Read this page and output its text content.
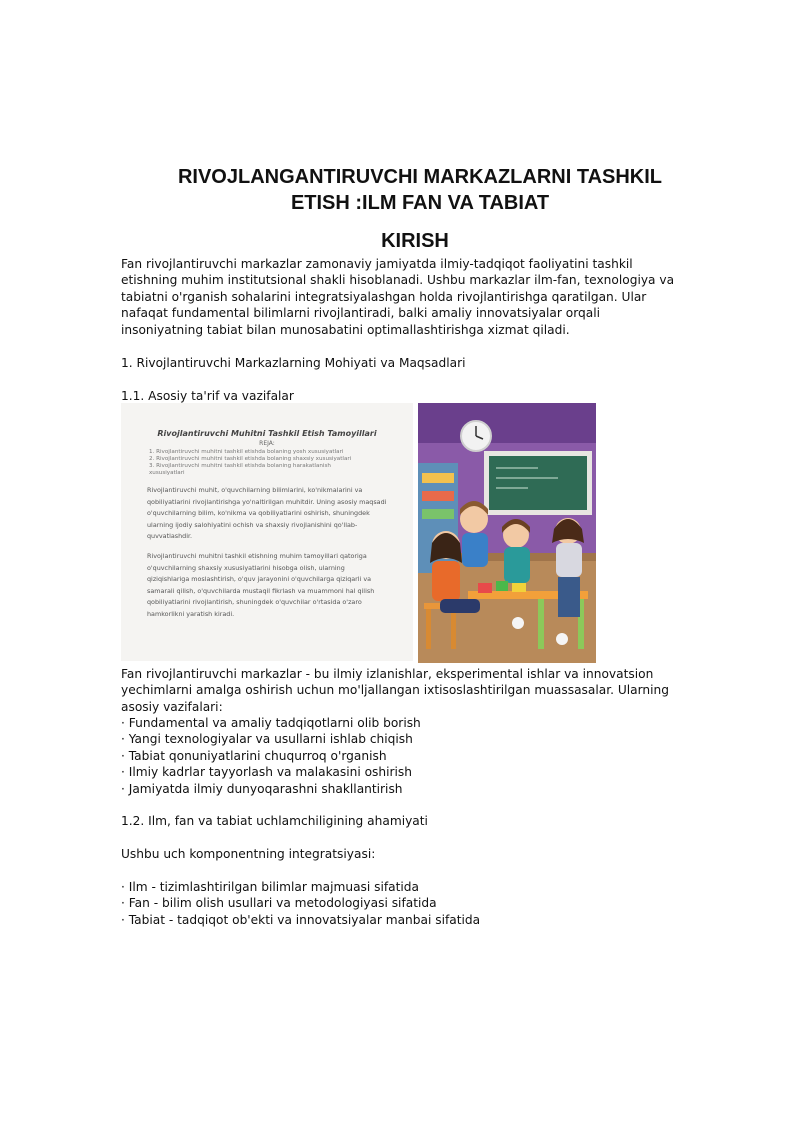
RIVOJLANGANTIRUVCHI MARKAZLARNI TASHKIL
ETISH :ILM FAN VA TABIAT
KIRISH

Fan rivojlantiruvchi markazlar zamonaviy jamiyatda ilmiy-tadqiqot faoliyatini tashkil etishning muhim institutsional shakli hisoblanadi. Ushbu markazlar ilm-fan, texnologiya va tabiatni o'rganish sohalarini integratsiyalashgan holda rivojlantirishga qaratilgan. Ular nafaqat fundamental bilimlarni rivojlantiradi, balki amaliy innovatsiyalar orqali insoniyatning tabiat bilan munosabatini optimallashtirishga xizmat qiladi.

1. Rivojlantiruvchi Markazlarning Mohiyati va Maqsadlari

1.1. Asosiy ta'rif va vazifalar

Rivojlantiruvchi Muhitni Tashkil Etish Tamoyillari

REJA:

1. Rivojlantiruvchi muhitni tashkil etishda bolaning yosh xususiyatlari
2. Rivojlantiruvchi muhitni tashkil etishda bolaning shaxsiy xususiyatlari
3. Rivojlantiruvchi muhitni tashkil etishda bolaning harakatlanish
xususiyatlari

Rivojlantiruvchi muhit, o'quvchilarning bilimlarini, ko'nikmalarini va qobiliyatlarini rivojlantirishga yo'naltirilgan muhitdir. Uning asosiy maqsadi o'quvchilarning bilim, ko'nikma va qobiliyatlarini oshirish, shuningdek ularning ijodiy salohiyatini ochish va shaxsiy rivojlanishini qo'llab-quvvatlashdir.

Rivojlantiruvchi muhitni tashkil etishning muhim tamoyillari qatoriga o'quvchilarning shaxsiy xususiyatlarini hisobga olish, ularning qiziqishlariga moslashtirish, o'quv jarayonini o'quvchilarga qiziqarli va samarali qilish, o'quvchilarda mustaqil fikrlash va muammoni hal qilish qobiliyatlarini rivojlantirish, shuningdek o'quvchilar o'rtasida o'zaro hamkorlikni yaratish kiradi.

Fan rivojlantiruvchi markazlar - bu ilmiy izlanishlar, eksperimental ishlar va innovatsion yechimlarni amalga oshirish uchun mo'ljallangan ixtisoslashtirilgan muassasalar. Ularning asosiy vazifalari:

· Fundamental va amaliy tadqiqotlarni olib borish
· Yangi texnologiyalar va usullarni ishlab chiqish
· Tabiat qonuniyatlarini chuqurroq o'rganish
· Ilmiy kadrlar tayyorlash va malakasini oshirish
· Jamiyatda ilmiy dunyoqarashni shakllantirish

1.2. Ilm, fan va tabiat uchlamchiligining ahamiyati

Ushbu uch komponentning integratsiyasi:

· Ilm - tizimlashtirilgan bilimlar majmuasi sifatida
· Fan - bilim olish usullari va metodologiyasi sifatida
· Tabiat - tadqiqot ob'ekti va innovatsiyalar manbai sifatida
